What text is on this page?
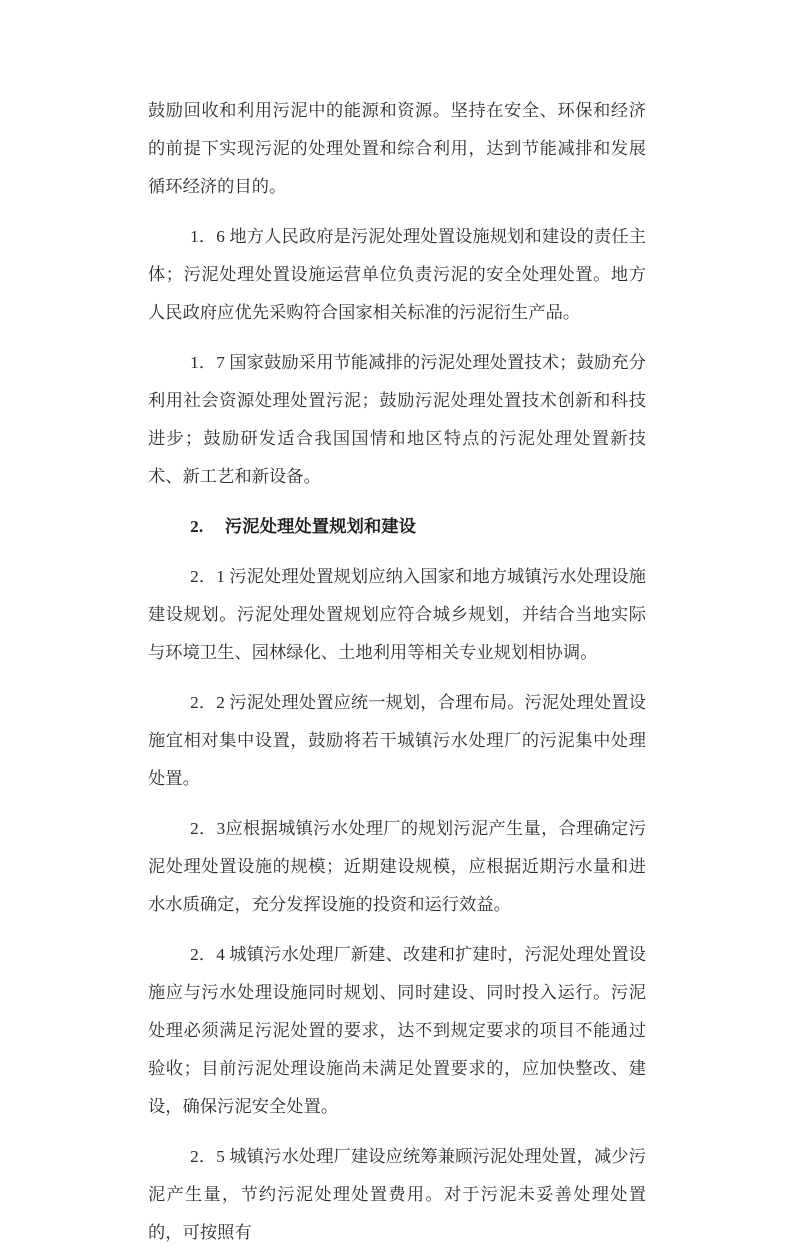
鼓励回收和利用污泥中的能源和资源。坚持在安全、环保和经济的前提下实现污泥的处理处置和综合利用，达到节能减排和发展循环经济的目的。

1．6 地方人民政府是污泥处理处置设施规划和建设的责任主体；污泥处理处置设施运营单位负责污泥的安全处理处置。地方人民政府应优先采购符合国家相关标准的污泥衍生产品。

1．7 国家鼓励采用节能减排的污泥处理处置技术；鼓励充分利用社会资源处理处置污泥；鼓励污泥处理处置技术创新和科技进步；鼓励研发适合我国国情和地区特点的污泥处理处置新技术、新工艺和新设备。

2. 污泥处理处置规划和建设

2．1 污泥处理处置规划应纳入国家和地方城镇污水处理设施建设规划。污泥处理处置规划应符合城乡规划，并结合当地实际与环境卫生、园林绿化、土地利用等相关专业规划相协调。

2．2 污泥处理处置应统一规划，合理布局。污泥处理处置设施宜相对集中设置，鼓励将若干城镇污水处理厂的污泥集中处理处置。

2．3应根据城镇污水处理厂的规划污泥产生量，合理确定污泥处理处置设施的规模；近期建设规模，应根据近期污水量和进水水质确定，充分发挥设施的投资和运行效益。

2．4 城镇污水处理厂新建、改建和扩建时，污泥处理处置设施应与污水处理设施同时规划、同时建设、同时投入运行。污泥处理必须满足污泥处置的要求，达不到规定要求的项目不能通过验收；目前污泥处理设施尚未满足处置要求的，应加快整改、建设，确保污泥安全处置。

2．5 城镇污水处理厂建设应统筹兼顾污泥处理处置，减少污泥产生量，节约污泥处理处置费用。对于污泥未妥善处理处置的，可按照有
